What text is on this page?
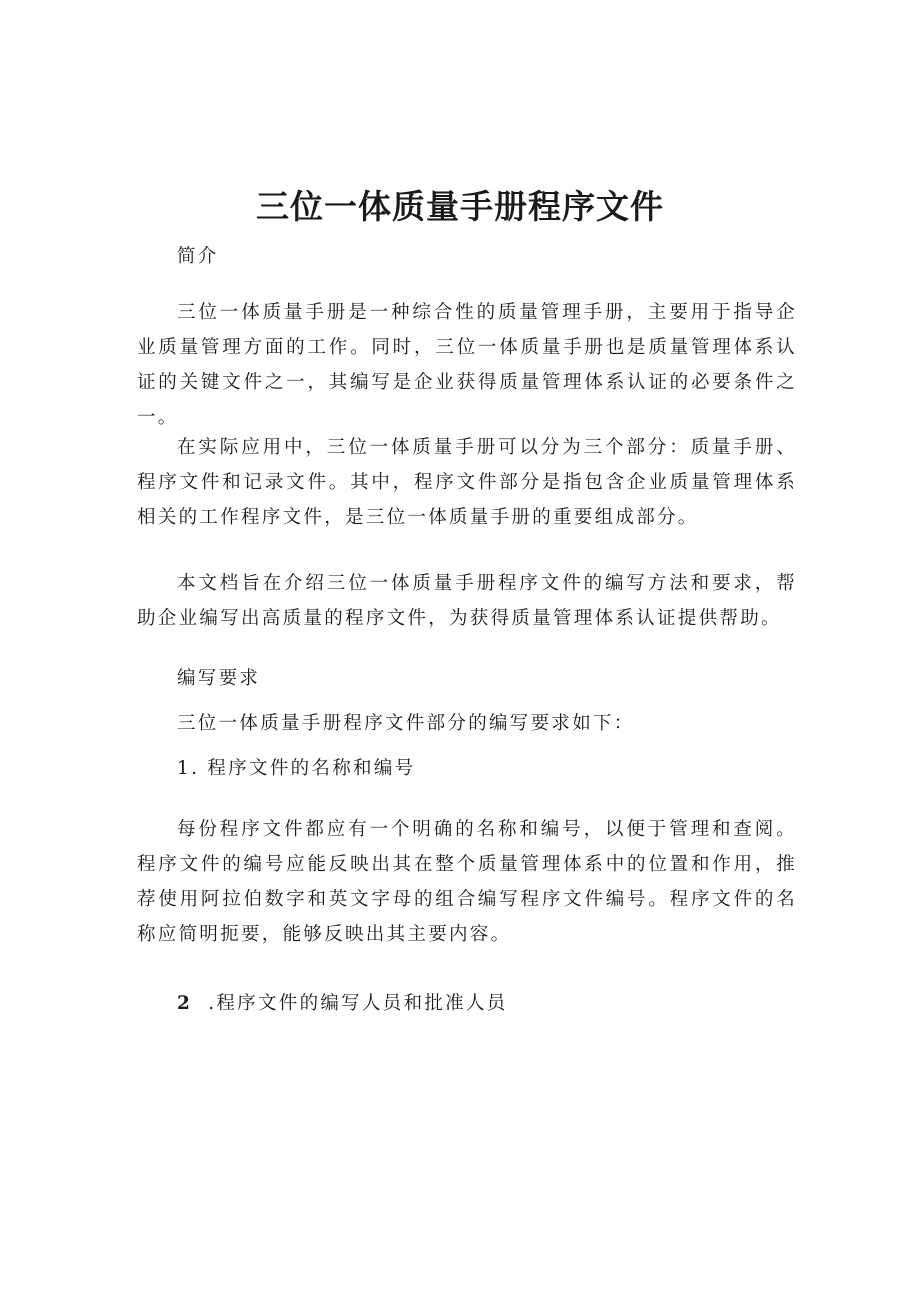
三位一体质量手册程序文件
简介
三位一体质量手册是一种综合性的质量管理手册，主要用于指导企业质量管理方面的工作。同时，三位一体质量手册也是质量管理体系认证的关键文件之一，其编写是企业获得质量管理体系认证的必要条件之一。
在实际应用中，三位一体质量手册可以分为三个部分：质量手册、程序文件和记录文件。其中，程序文件部分是指包含企业质量管理体系相关的工作程序文件，是三位一体质量手册的重要组成部分。
本文档旨在介绍三位一体质量手册程序文件的编写方法和要求，帮助企业编写出高质量的程序文件，为获得质量管理体系认证提供帮助。
编写要求
三位一体质量手册程序文件部分的编写要求如下：
1. 程序文件的名称和编号
每份程序文件都应有一个明确的名称和编号，以便于管理和查阅。程序文件的编号应能反映出其在整个质量管理体系中的位置和作用，推荐使用阿拉伯数字和英文字母的组合编写程序文件编号。程序文件的名称应简明扼要，能够反映出其主要内容。
2 .程序文件的编写人员和批准人员
